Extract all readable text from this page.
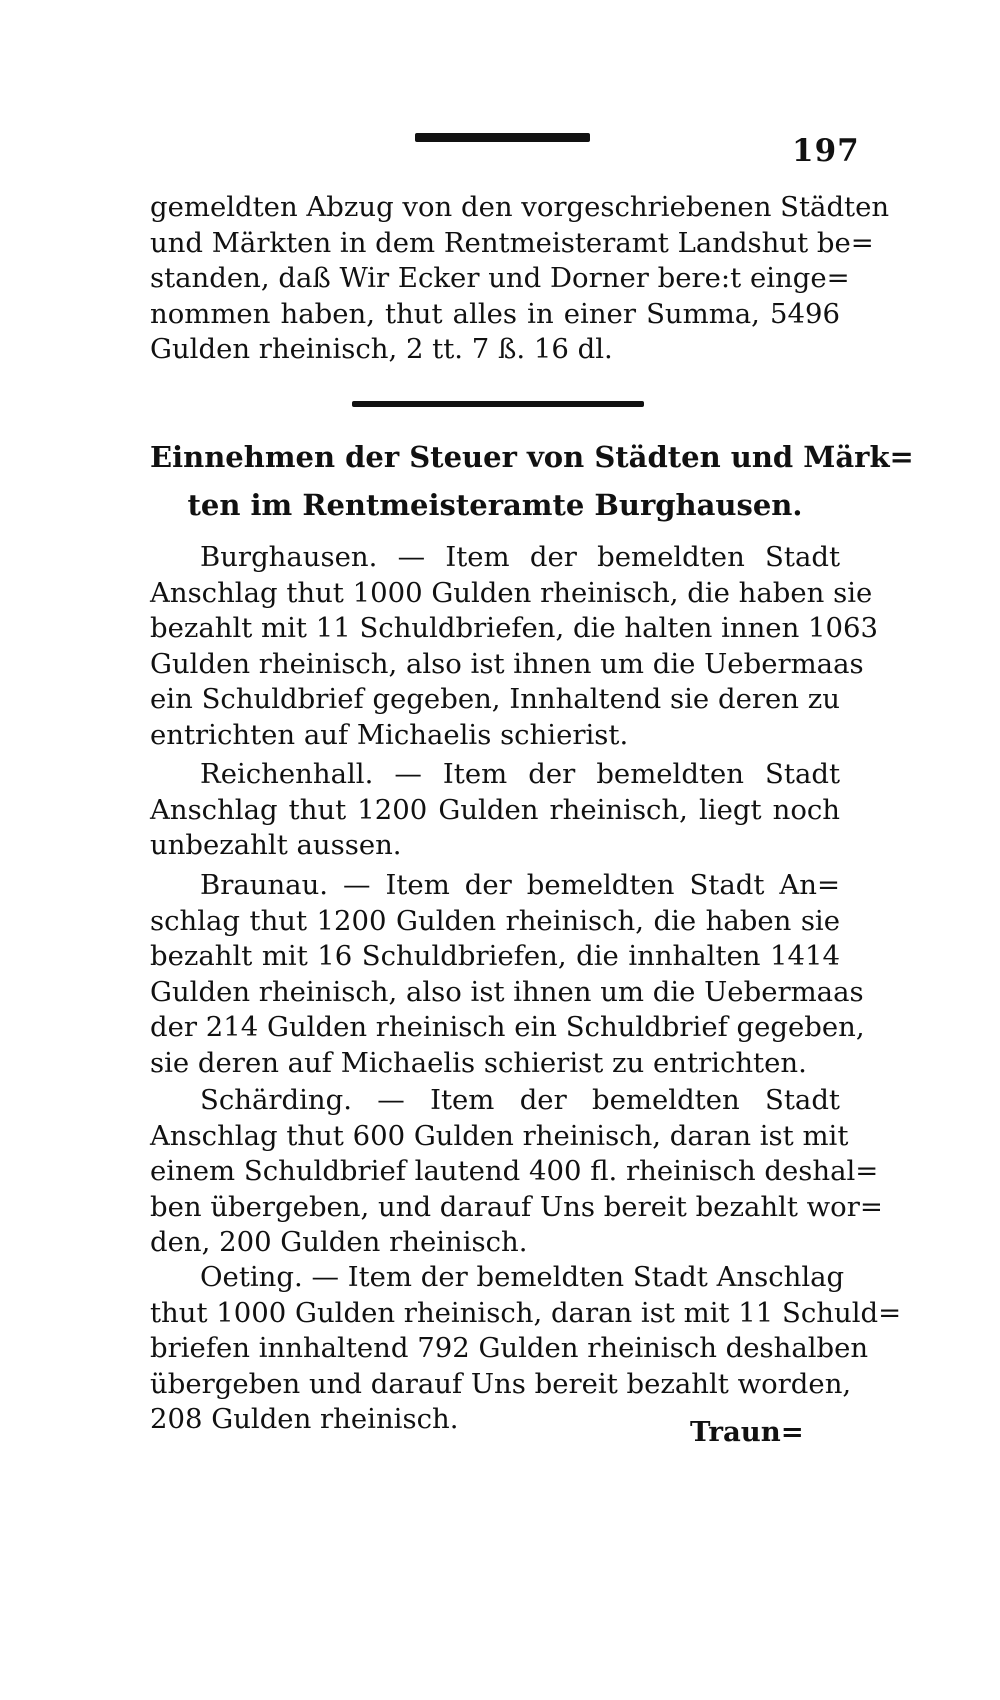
197
gemeldten Abzug von den vorgeschriebenen Städten
und Märkten in dem Rentmeisteramt Landshut be=
standen, daß Wir Ecker und Dorner bere:t einge=
nommen haben, thut alles in einer Summa, 5496
Gulden rheinisch, 2 tt. 7 ß. 16 dl.
Einnehmen der Steuer von Städten und Märk=
ten im Rentmeisteramte Burghausen.
Burghausen. — Item der bemeldten Stadt
Anschlag thut 1000 Gulden rheinisch, die haben sie
bezahlt mit 11 Schuldbriefen, die halten innen 1063
Gulden rheinisch, also ist ihnen um die Uebermaas
ein Schuldbrief gegeben, Innhaltend sie deren zu
entrichten auf Michaelis schierist.
Reichenhall. — Item der bemeldten Stadt
Anschlag thut 1200 Gulden rheinisch, liegt noch
unbezahlt aussen.
Braunau. — Item der bemeldten Stadt An=
schlag thut 1200 Gulden rheinisch, die haben sie
bezahlt mit 16 Schuldbriefen, die innhalten 1414
Gulden rheinisch, also ist ihnen um die Uebermaas
der 214 Gulden rheinisch ein Schuldbrief gegeben,
sie deren auf Michaelis schierist zu entrichten.
Schärding. — Item der bemeldten Stadt
Anschlag thut 600 Gulden rheinisch, daran ist mit
einem Schuldbrief lautend 400 fl. rheinisch deshal=
ben übergeben, und darauf Uns bereit bezahlt wor=
den, 200 Gulden rheinisch.
Oeting. — Item der bemeldten Stadt Anschlag
thut 1000 Gulden rheinisch, daran ist mit 11 Schuld=
briefen innhaltend 792 Gulden rheinisch deshalben
übergeben und darauf Uns bereit bezahlt worden,
208 Gulden rheinisch.	Traun=
